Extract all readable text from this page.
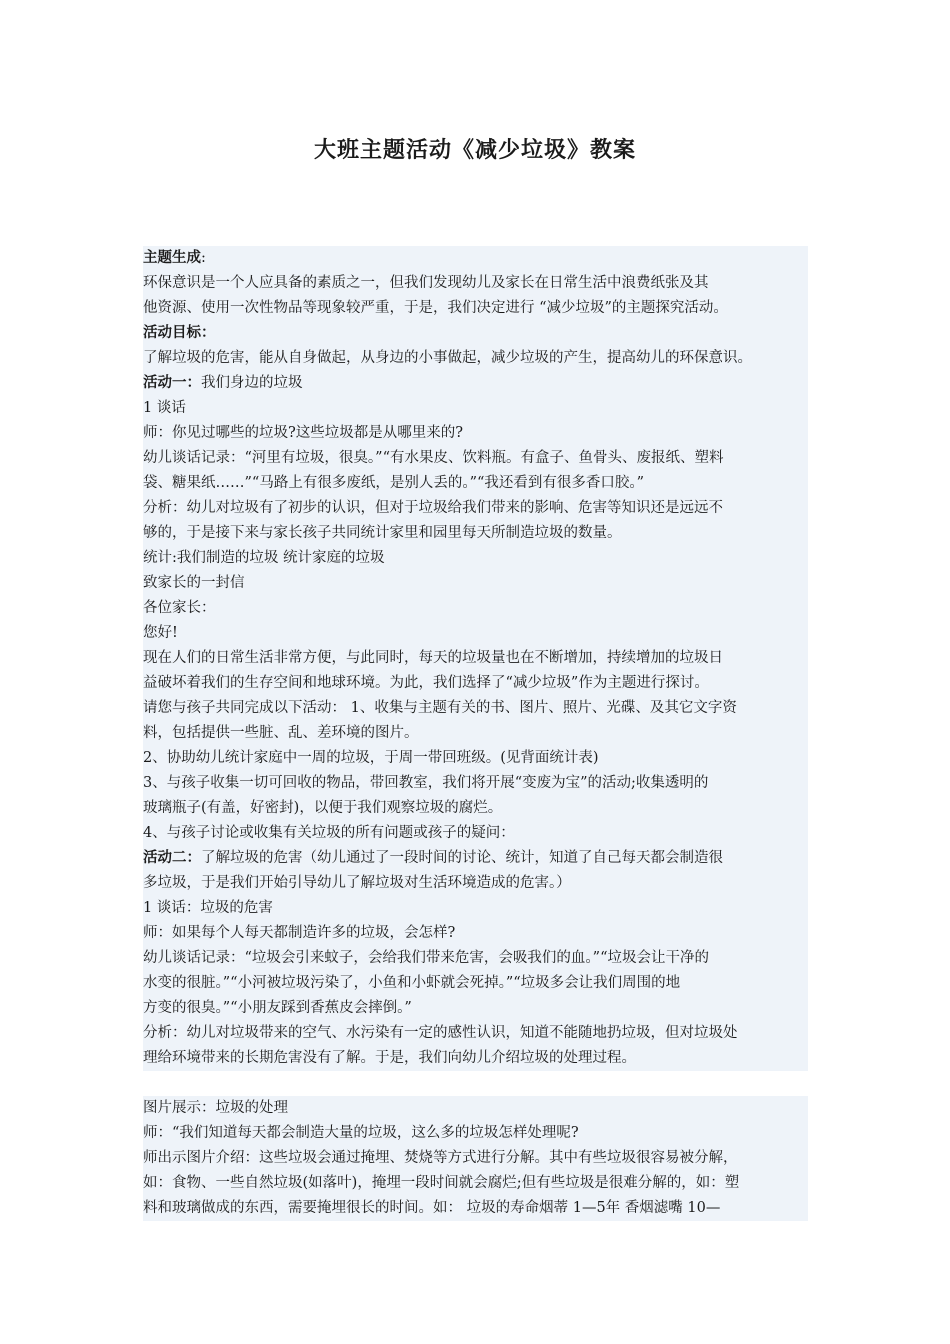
大班主题活动《减少垃圾》教案
主题生成:
环保意识是一个人应具备的素质之一，但我们发现幼儿及家长在日常生活中浪费纸张及其
他资源、使用一次性物品等现象较严重，于是，我们决定进行 “减少垃圾”的主题探究活动。
活动目标：
了解垃圾的危害，能从自身做起，从身边的小事做起，减少垃圾的产生，提高幼儿的环保意识。
活动一：我们身边的垃圾
1 谈话
师：你见过哪些的垃圾?这些垃圾都是从哪里来的?
幼儿谈话记录：“河里有垃圾，很臭。”“有水果皮、饮料瓶。有盒子、鱼骨头、废报纸、塑料
袋、糖果纸……”“马路上有很多废纸，是别人丢的。”“我还看到有很多香口胶。”
分析：幼儿对垃圾有了初步的认识，但对于垃圾给我们带来的影响、危害等知识还是远远不
够的，于是接下来与家长孩子共同统计家里和园里每天所制造垃圾的数量。
统计:我们制造的垃圾 统计家庭的垃圾
致家长的一封信
各位家长：
您好!
现在人们的日常生活非常方便，与此同时，每天的垃圾量也在不断增加，持续增加的垃圾日
益破坏着我们的生存空间和地球环境。为此，我们选择了“减少垃圾”作为主题进行探讨。
请您与孩子共同完成以下活动： 1、收集与主题有关的书、图片、照片、光碟、及其它文字资
料，包括提供一些脏、乱、差环境的图片。
2、协助幼儿统计家庭中一周的垃圾，于周一带回班级。(见背面统计表)
3、与孩子收集一切可回收的物品，带回教室，我们将开展“变废为宝”的活动;收集透明的
玻璃瓶子(有盖，好密封)，以便于我们观察垃圾的腐烂。
4、与孩子讨论或收集有关垃圾的所有问题或孩子的疑问：
活动二：了解垃圾的危害（幼儿通过了一段时间的讨论、统计，知道了自己每天都会制造很
多垃圾，于是我们开始引导幼儿了解垃圾对生活环境造成的危害。）
1 谈话：垃圾的危害
师：如果每个人每天都制造许多的垃圾，会怎样?
幼儿谈话记录：“垃圾会引来蚊子，会给我们带来危害，会吸我们的血。”“垃圾会让干净的
水变的很脏。”“小河被垃圾污染了，小鱼和小虾就会死掉。”“垃圾多会让我们周围的地
方变的很臭。”“小朋友踩到香蕉皮会摔倒。”
分析：幼儿对垃圾带来的空气、水污染有一定的感性认识，知道不能随地扔垃圾，但对垃圾处
理给环境带来的长期危害没有了解。于是，我们向幼儿介绍垃圾的处理过程。
图片展示：垃圾的处理
师：“我们知道每天都会制造大量的垃圾，这么多的垃圾怎样处理呢?
师出示图片介绍：这些垃圾会通过掩埋、焚烧等方式进行分解。其中有些垃圾很容易被分解，
如：食物、一些自然垃圾(如落叶)，掩埋一段时间就会腐烂;但有些垃圾是很难分解的，如：塑
料和玻璃做成的东西，需要掩埋很长的时间。如： 垃圾的寿命烟蒂 1—5年 香烟滤嘴 10—
